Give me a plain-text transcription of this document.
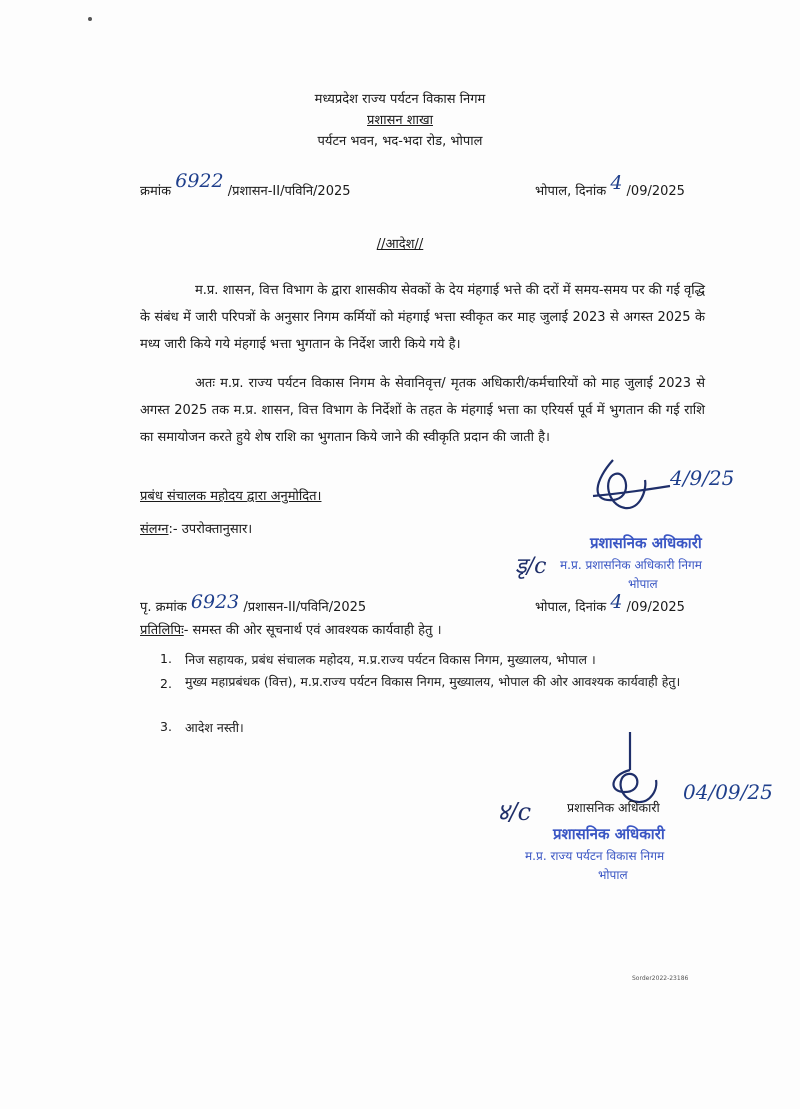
मध्यप्रदेश राज्य पर्यटन विकास निगम
प्रशासन शाखा
पर्यटन भवन, भद-भदा रोड, भोपाल
क्रमांक 6922 /प्रशासन-II/पविनि/2025	भोपाल, दिनांक 4 /09/2025
//आदेश//
म.प्र. शासन, वित्त विभाग के द्वारा शासकीय सेवकों के देय मंहगाई भत्ते की दरों में समय-समय पर की गई वृद्धि के संबंध में जारी परिपत्रों के अनुसार निगम कर्मियों को मंहगाई भत्ता स्वीकृत कर माह जुलाई 2023 से अगस्त 2025 के मध्य जारी किये गये मंहगाई भत्ता भुगतान के निर्देश जारी किये गये है।
अतः म.प्र. राज्य पर्यटन विकास निगम के सेवानिवृत्त/ मृतक अधिकारी/कर्मचारियों को माह जुलाई 2023 से अगस्त 2025 तक म.प्र. शासन, वित्त विभाग के निर्देशों के तहत के मंहगाई भत्ता का एरियर्स पूर्व में भुगतान की गई राशि का समायोजन करते हुये शेष राशि का भुगतान किये जाने की स्वीकृति प्रदान की जाती है।
प्रबंध संचालक महोदय द्वारा अनुमोदित।
संलग्न:- उपरोक्तानुसार।
4/9/25
प्रशासनिक अधिकारी
म.प्र. प्रशासनिक अधिकारी निगम
भोपाल
डृ/c
पृ. क्रमांक 6923 /प्रशासन-II/पविनि/2025	भोपाल, दिनांक 4 /09/2025
प्रतिलिपिः- समस्त की ओर सूचनार्थ एवं आवश्यक कार्यवाही हेतु ।
1. निज सहायक, प्रबंध संचालक महोदय, म.प्र.राज्य पर्यटन विकास निगम, मुख्यालय, भोपाल ।
2. मुख्य महाप्रबंधक (वित्त), म.प्र.राज्य पर्यटन विकास निगम, मुख्यालय, भोपाल की ओर आवश्यक कार्यवाही हेतु।
3. आदेश नस्ती।
04/09/25
प्रशासनिक अधिकारी
प्रशासनिक अधिकारी
म.प्र. राज्य पर्यटन विकास निगम
भोपाल
४/c
Sorder2022-23186
